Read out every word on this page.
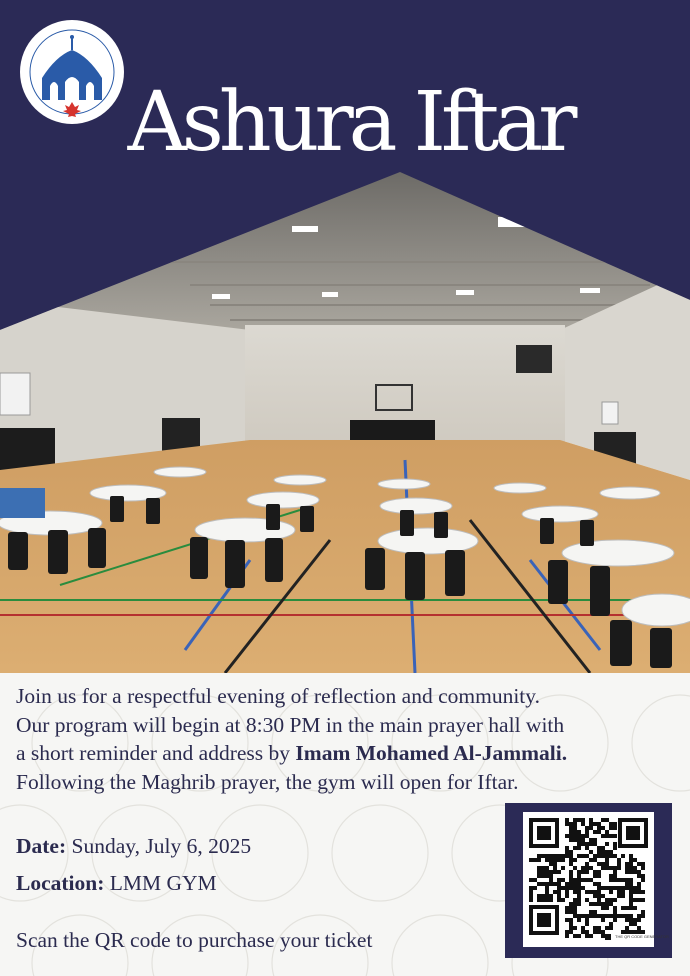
Ashura Iftar
Join us for a respectful evening of reflection and community.
Our program will begin at 8:30 PM in the main prayer hall with
a short reminder and address by Imam Mohamed Al-Jammali.
Following the Maghrib prayer, the gym will open for Iftar.
Date: Sunday, July 6, 2025
Location: LMM GYM
Scan the QR code to purchase your ticket	THE QR CODE GENERATOR
